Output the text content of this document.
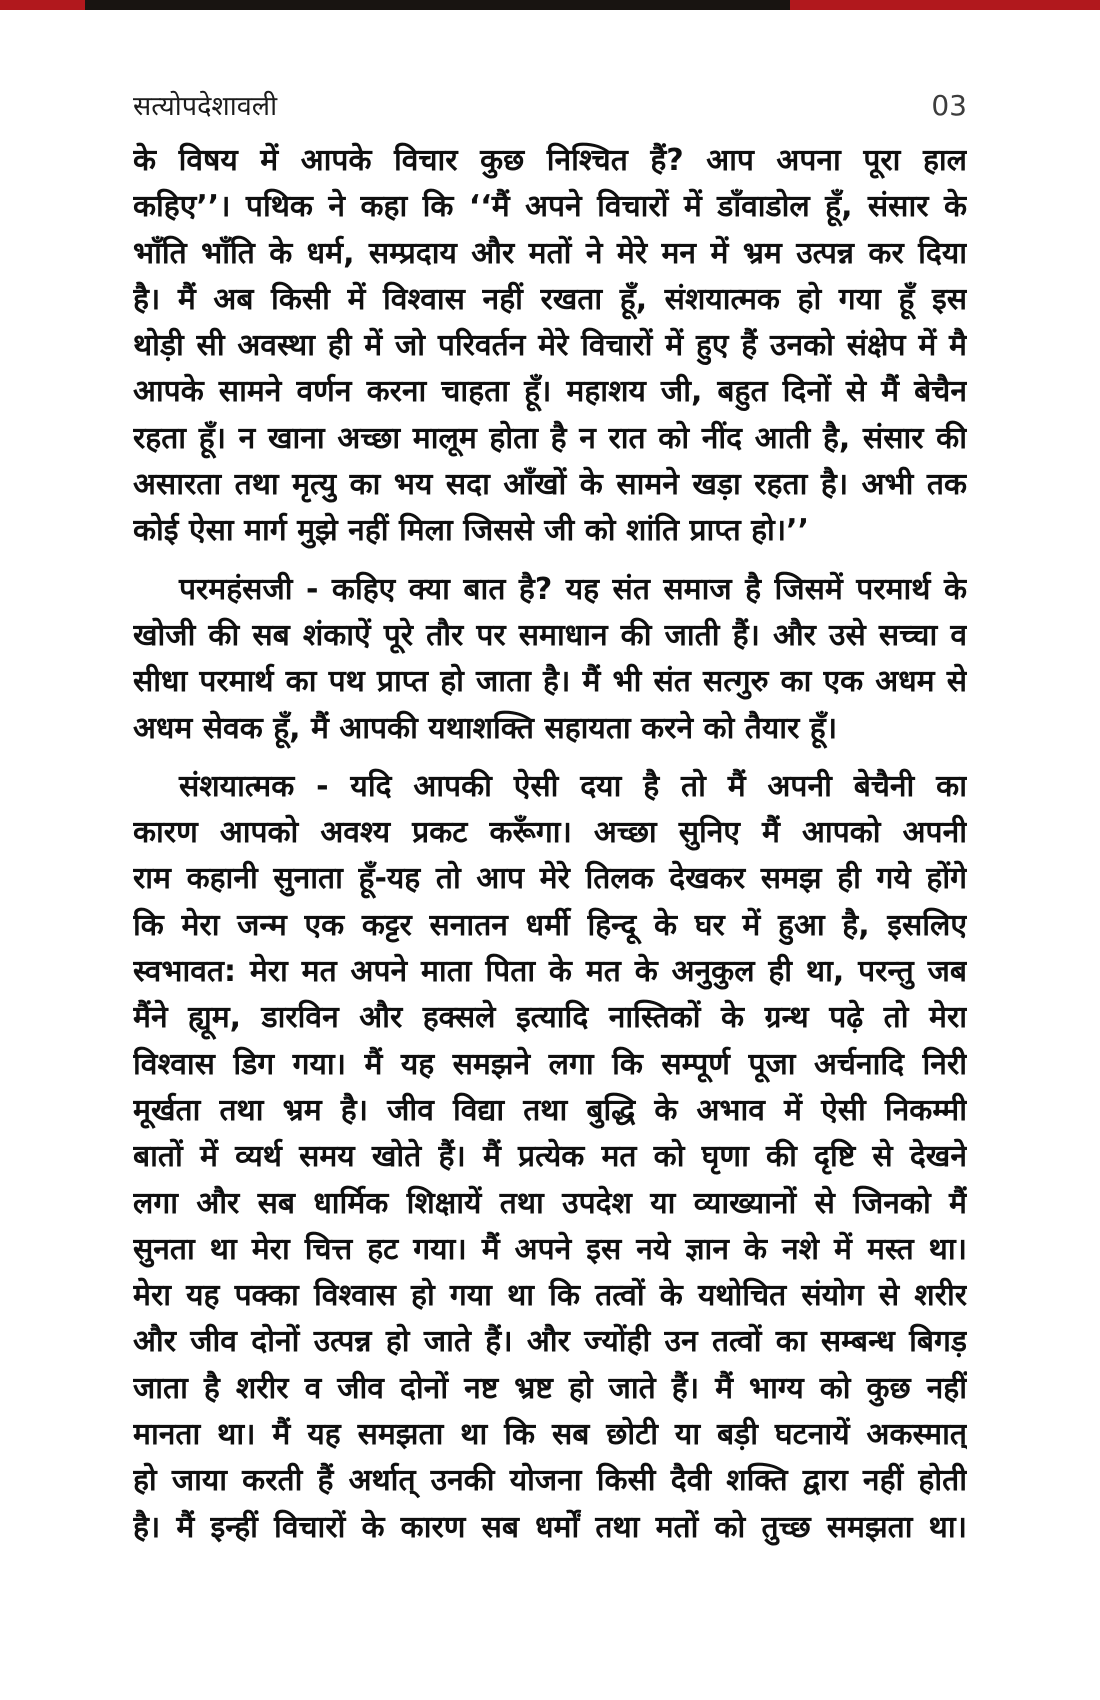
सत्योपदेशावली	03
के विषय में आपके विचार कुछ निश्चित हैं? आप अपना पूरा हाल
कहिए’’। पथिक ने कहा कि ‘‘मैं अपने विचारों में डाँवाडोल हूँ, संसार के
भाँति भाँति के धर्म, सम्प्रदाय और मतों ने मेरे मन में भ्रम उत्पन्न कर दिया
है। मैं अब किसी में विश्वास नहीं रखता हूँ, संशयात्मक हो गया हूँ इस
थोड़ी सी अवस्था ही में जो परिवर्तन मेरे विचारों में हुए हैं उनको संक्षेप में मै
आपके सामने वर्णन करना चाहता हूँ। महाशय जी, बहुत दिनों से मैं बेचैन
रहता हूँ। न खाना अच्छा मालूम होता है न रात को नींद आती है, संसार की
असारता तथा मृत्यु का भय सदा आँखों के सामने खड़ा रहता है। अभी तक
कोई ऐसा मार्ग मुझे नहीं मिला जिससे जी को शांति प्राप्त हो।’’
परमहंसजी - कहिए क्या बात है? यह संत समाज है जिसमें परमार्थ के
खोजी की सब शंकाऐं पूरे तौर पर समाधान की जाती हैं। और उसे सच्चा व
सीधा परमार्थ का पथ प्राप्त हो जाता है। मैं भी संत सत्गुरु का एक अधम से
अधम सेवक हूँ, मैं आपकी यथाशक्ति सहायता करने को तैयार हूँ।
संशयात्मक - यदि आपकी ऐसी दया है तो मैं अपनी बेचैनी का
कारण आपको अवश्य प्रकट करूँगा। अच्छा सुनिए मैं आपको अपनी
राम कहानी सुनाता हूँ-यह तो आप मेरे तिलक देखकर समझ ही गये होंगे
कि मेरा जन्म एक कट्टर सनातन धर्मी हिन्दू के घर में हुआ है, इसलिए
स्वभावत: मेरा मत अपने माता पिता के मत के अनुकुल ही था, परन्तु जब
मैंने ह्यूम, डारविन और हक्सले इत्यादि नास्तिकों के ग्रन्थ पढ़े तो मेरा
विश्वास डिग गया। मैं यह समझने लगा कि सम्पूर्ण पूजा अर्चनादि निरी
मूर्खता तथा भ्रम है। जीव विद्या तथा बुद्धि के अभाव में ऐसी निकम्मी
बातों में व्यर्थ समय खोते हैं। मैं प्रत्येक मत को घृणा की दृष्टि से देखने
लगा और सब धार्मिक शिक्षायें तथा उपदेश या व्याख्यानों से जिनको मैं
सुनता था मेरा चित्त हट गया। मैं अपने इस नये ज्ञान के नशे में मस्त था।
मेरा यह पक्का विश्वास हो गया था कि तत्वों के यथोचित संयोग से शरीर
और जीव दोनों उत्पन्न हो जाते हैं। और ज्योंही उन तत्वों का सम्बन्ध बिगड़
जाता है शरीर व जीव दोनों नष्ट भ्रष्ट हो जाते हैं। मैं भाग्य को कुछ नहीं
मानता था। मैं यह समझता था कि सब छोटी या बड़ी घटनायें अकस्मात्
हो जाया करती हैं अर्थात् उनकी योजना किसी दैवी शक्ति द्वारा नहीं होती
है। मैं इन्हीं विचारों के कारण सब धर्मों तथा मतों को तुच्छ समझता था।
